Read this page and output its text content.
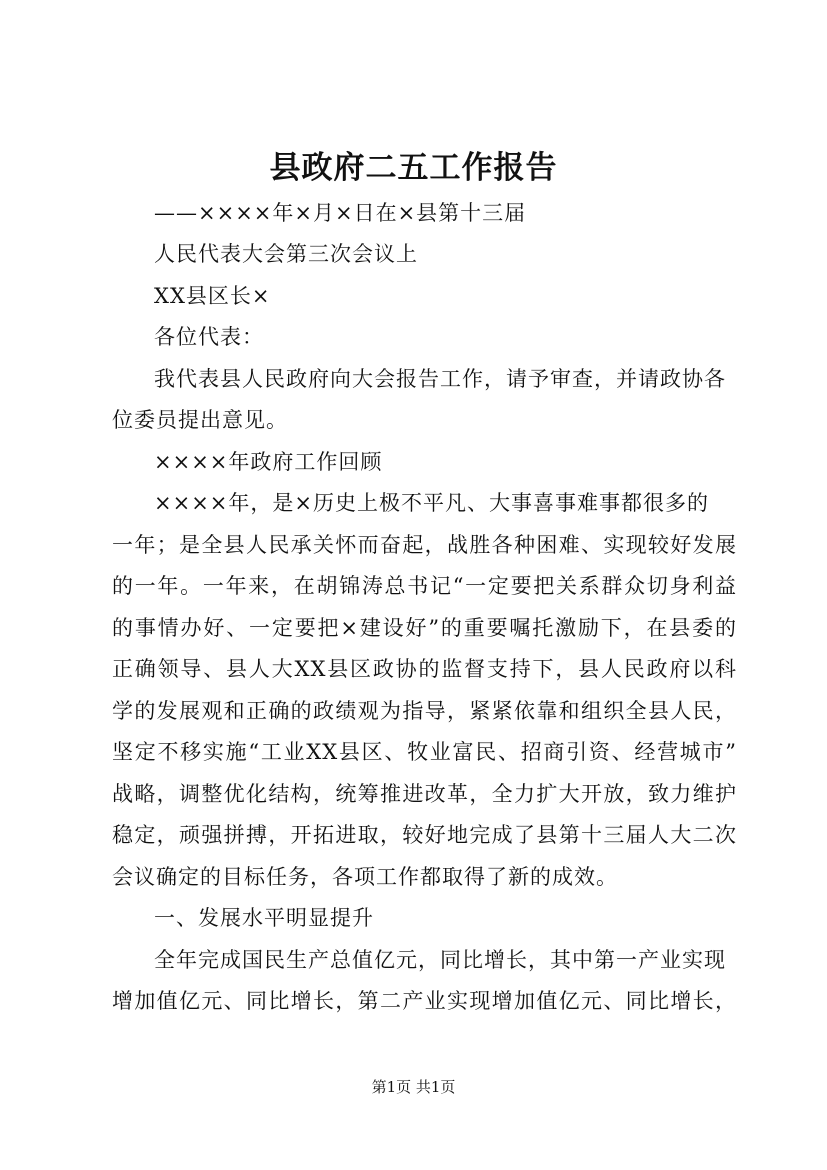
县政府二五工作报告
——××××年×月×日在×县第十三届
人民代表大会第三次会议上
XX县区长×
各位代表：
我代表县人民政府向大会报告工作，请予审查，并请政协各
位委员提出意见。
××××年政府工作回顾
××××年，是×历史上极不平凡、大事喜事难事都很多的
一年；是全县人民承关怀而奋起，战胜各种困难、实现较好发展
的一年。一年来，在胡锦涛总书记“一定要把关系群众切身利益
的事情办好、一定要把×建设好”的重要嘱托激励下，在县委的
正确领导、县人大XX县区政协的监督支持下，县人民政府以科
学的发展观和正确的政绩观为指导，紧紧依靠和组织全县人民，
坚定不移实施“工业XX县区、牧业富民、招商引资、经营城市”
战略，调整优化结构，统筹推进改革，全力扩大开放，致力维护
稳定，顽强拼搏，开拓进取，较好地完成了县第十三届人大二次
会议确定的目标任务，各项工作都取得了新的成效。
一、发展水平明显提升
全年完成国民生产总值亿元，同比增长，其中第一产业实现
增加值亿元、同比增长，第二产业实现增加值亿元、同比增长，
第1页 共1页
